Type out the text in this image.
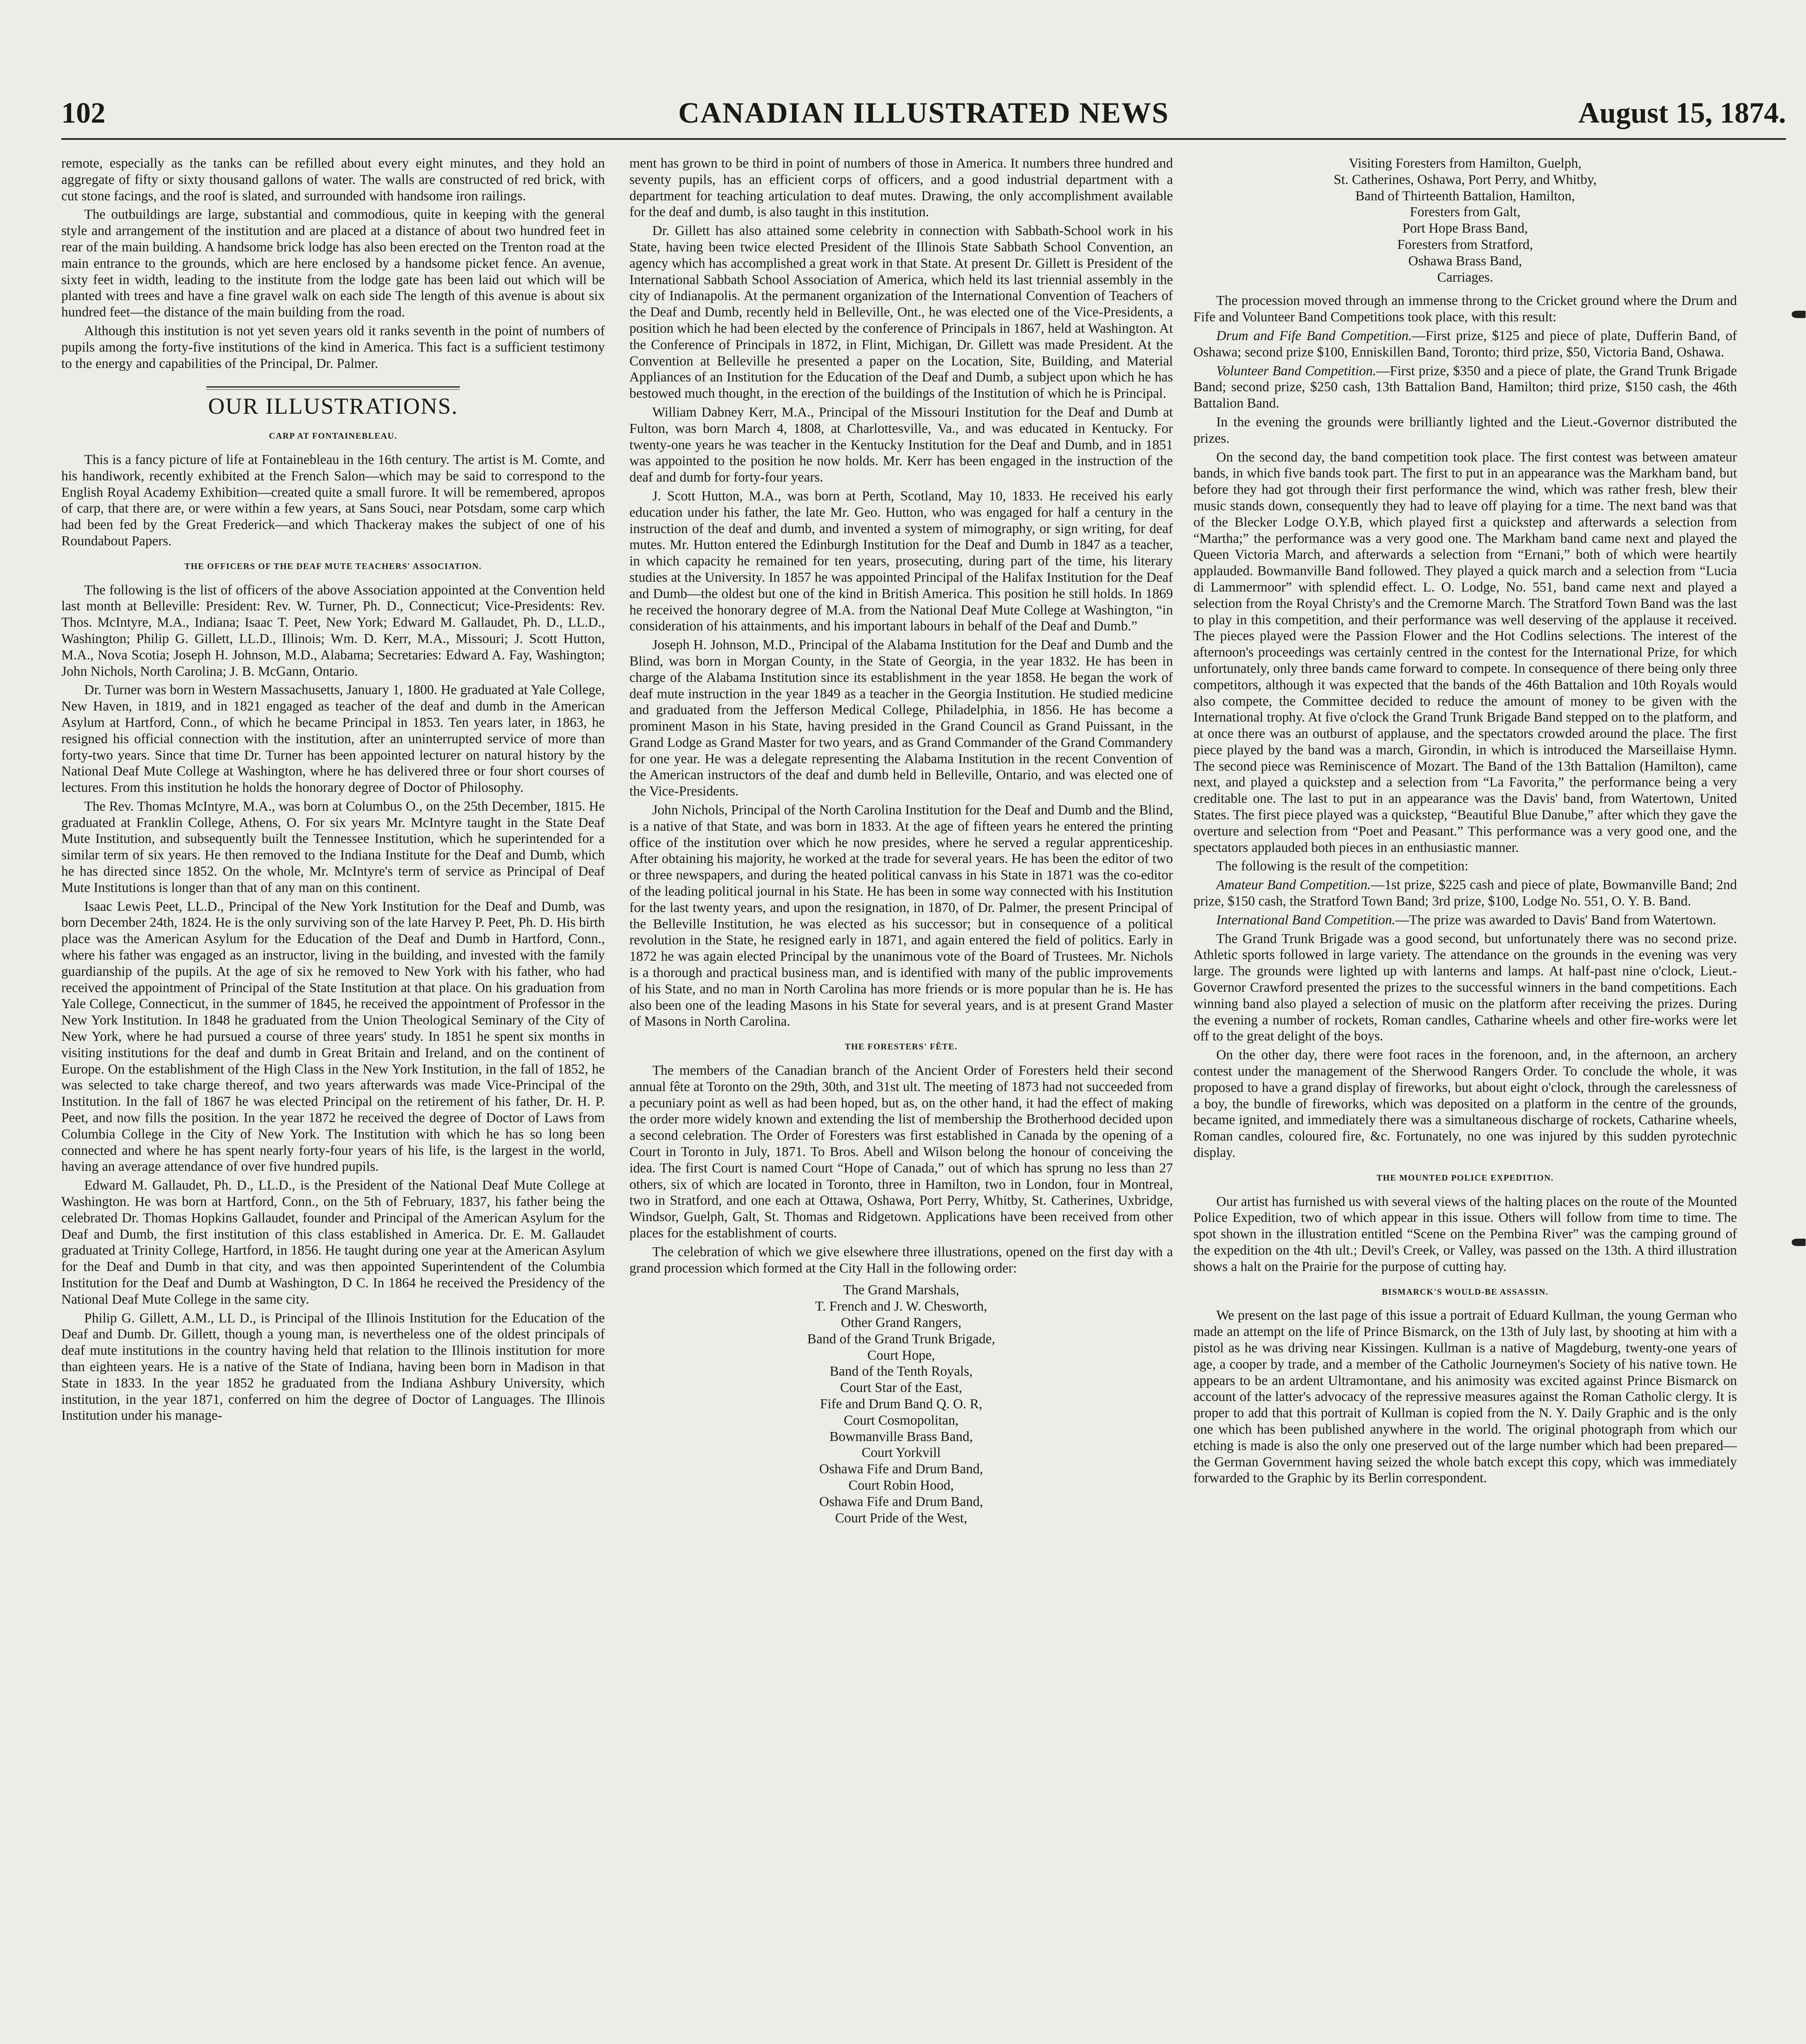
102	CANADIAN ILLUSTRATED NEWS	August 15, 1874.

remote, especially as the tanks can be refilled about every eight minutes, and they hold an aggregate of fifty or sixty thousand gallons of water. The walls are constructed of red brick, with cut stone facings, and the roof is slated, and surrounded with handsome iron railings.

The outbuildings are large, substantial and commodious, quite in keeping with the general style and arrangement of the institution and are placed at a distance of about two hundred feet in rear of the main building. A handsome brick lodge has also been erected on the Trenton road at the main entrance to the grounds, which are here enclosed by a handsome picket fence. An avenue, sixty feet in width, leading to the institute from the lodge gate has been laid out which will be planted with trees and have a fine gravel walk on each side The length of this avenue is about six hundred feet—the distance of the main building from the road.

Although this institution is not yet seven years old it ranks seventh in the point of numbers of pupils among the forty-five institutions of the kind in America. This fact is a sufficient testimony to the energy and capabilities of the Principal, Dr. Palmer.

OUR ILLUSTRATIONS.
CARP AT FONTAINEBLEAU.

This is a fancy picture of life at Fontainebleau in the 16th century. The artist is M. Comte, and his handiwork, recently exhibited at the French Salon—which may be said to correspond to the English Royal Academy Exhibition—created quite a small furore. It will be remembered, apropos of carp, that there are, or were within a few years, at Sans Souci, near Potsdam, some carp which had been fed by the Great Frederick—and which Thackeray makes the subject of one of his Roundabout Papers.

THE OFFICERS OF THE DEAF MUTE TEACHERS' ASSOCIATION.

The following is the list of officers of the above Association appointed at the Convention held last month at Belleville: President: Rev. W. Turner, Ph. D., Connecticut; Vice-Presidents: Rev. Thos. McIntyre, M.A., Indiana; Isaac T. Peet, New York; Edward M. Gallaudet, Ph. D., LL.D., Washington; Philip G. Gillett, LL.D., Illinois; Wm. D. Kerr, M.A., Missouri; J. Scott Hutton, M.A., Nova Scotia; Joseph H. Johnson, M.D., Alabama; Secretaries: Edward A. Fay, Washington; John Nichols, North Carolina; J. B. McGann, Ontario.

Dr. Turner was born in Western Massachusetts, January 1, 1800. He graduated at Yale College, New Haven, in 1819, and in 1821 engaged as teacher of the deaf and dumb in the American Asylum at Hartford, Conn., of which he became Principal in 1853. Ten years later, in 1863, he resigned his official connection with the institution, after an uninterrupted service of more than forty-two years. Since that time Dr. Turner has been appointed lecturer on natural history by the National Deaf Mute College at Washington, where he has delivered three or four short courses of lectures. From this institution he holds the honorary degree of Doctor of Philosophy.

The Rev. Thomas McIntyre, M.A., was born at Columbus O., on the 25th December, 1815. He graduated at Franklin College, Athens, O. For six years Mr. McIntyre taught in the State Deaf Mute Institution, and subsequently built the Tennessee Institution, which he superintended for a similar term of six years. He then removed to the Indiana Institute for the Deaf and Dumb, which he has directed since 1852. On the whole, Mr. McIntyre's term of service as Principal of Deaf Mute Institutions is longer than that of any man on this continent.

Isaac Lewis Peet, LL.D., Principal of the New York Institution for the Deaf and Dumb, was born December 24th, 1824. He is the only surviving son of the late Harvey P. Peet, Ph. D. His birth place was the American Asylum for the Education of the Deaf and Dumb in Hartford, Conn., where his father was engaged as an instructor, living in the building, and invested with the family guardianship of the pupils. At the age of six he removed to New York with his father, who had received the appointment of Principal of the State Institution at that place. On his graduation from Yale College, Connecticut, in the summer of 1845, he received the appointment of Professor in the New York Institution. In 1848 he graduated from the Union Theological Seminary of the City of New York, where he had pursued a course of three years' study. In 1851 he spent six months in visiting institutions for the deaf and dumb in Great Britain and Ireland, and on the continent of Europe. On the establishment of the High Class in the New York Institution, in the fall of 1852, he was selected to take charge thereof, and two years afterwards was made Vice-Principal of the Institution. In the fall of 1867 he was elected Principal on the retirement of his father, Dr. H. P. Peet, and now fills the position. In the year 1872 he received the degree of Doctor of Laws from Columbia College in the City of New York. The Institution with which he has so long been connected and where he has spent nearly forty-four years of his life, is the largest in the world, having an average attendance of over five hundred pupils.

Edward M. Gallaudet, Ph. D., LL.D., is the President of the National Deaf Mute College at Washington. He was born at Hartford, Conn., on the 5th of February, 1837, his father being the celebrated Dr. Thomas Hopkins Gallaudet, founder and Principal of the American Asylum for the Deaf and Dumb, the first institution of this class established in America. Dr. E. M. Gallaudet graduated at Trinity College, Hartford, in 1856. He taught during one year at the American Asylum for the Deaf and Dumb in that city, and was then appointed Superintendent of the Columbia Institution for the Deaf and Dumb at Washington, D C. In 1864 he received the Presidency of the National Deaf Mute College in the same city.

Philip G. Gillett, A.M., LL D., is Principal of the Illinois Institution for the Education of the Deaf and Dumb. Dr. Gillett, though a young man, is nevertheless one of the oldest principals of deaf mute institutions in the country having held that relation to the Illinois institution for more than eighteen years. He is a native of the State of Indiana, having been born in Madison in that State in 1833. In the year 1852 he graduated from the Indiana Ashbury University, which institution, in the year 1871, conferred on him the degree of Doctor of Languages. The Illinois Institution under his manage-

ment has grown to be third in point of numbers of those in America. It numbers three hundred and seventy pupils, has an efficient corps of officers, and a good industrial department with a department for teaching articulation to deaf mutes. Drawing, the only accomplishment available for the deaf and dumb, is also taught in this institution.

Dr. Gillett has also attained some celebrity in connection with Sabbath-School work in his State, having been twice elected President of the Illinois State Sabbath School Convention, an agency which has accomplished a great work in that State. At present Dr. Gillett is President of the International Sabbath School Association of America, which held its last triennial assembly in the city of Indianapolis. At the permanent organization of the International Convention of Teachers of the Deaf and Dumb, recently held in Belleville, Ont., he was elected one of the Vice-Presidents, a position which he had been elected by the conference of Principals in 1867, held at Washington. At the Conference of Principals in 1872, in Flint, Michigan, Dr. Gillett was made President. At the Convention at Belleville he presented a paper on the Location, Site, Building, and Material Appliances of an Institution for the Education of the Deaf and Dumb, a subject upon which he has bestowed much thought, in the erection of the buildings of the Institution of which he is Principal.

William Dabney Kerr, M.A., Principal of the Missouri Institution for the Deaf and Dumb at Fulton, was born March 4, 1808, at Charlottesville, Va., and was educated in Kentucky. For twenty-one years he was teacher in the Kentucky Institution for the Deaf and Dumb, and in 1851 was appointed to the position he now holds. Mr. Kerr has been engaged in the instruction of the deaf and dumb for forty-four years.

J. Scott Hutton, M.A., was born at Perth, Scotland, May 10, 1833. He received his early education under his father, the late Mr. Geo. Hutton, who was engaged for half a century in the instruction of the deaf and dumb, and invented a system of mimography, or sign writing, for deaf mutes. Mr. Hutton entered the Edinburgh Institution for the Deaf and Dumb in 1847 as a teacher, in which capacity he remained for ten years, prosecuting, during part of the time, his literary studies at the University. In 1857 he was appointed Principal of the Halifax Institution for the Deaf and Dumb—the oldest but one of the kind in British America. This position he still holds. In 1869 he received the honorary degree of M.A. from the National Deaf Mute College at Washington, “in consideration of his attainments, and his important labours in behalf of the Deaf and Dumb.”

Joseph H. Johnson, M.D., Principal of the Alabama Institution for the Deaf and Dumb and the Blind, was born in Morgan County, in the State of Georgia, in the year 1832. He has been in charge of the Alabama Institution since its establishment in the year 1858. He began the work of deaf mute instruction in the year 1849 as a teacher in the Georgia Institution. He studied medicine and graduated from the Jefferson Medical College, Philadelphia, in 1856. He has become a prominent Mason in his State, having presided in the Grand Council as Grand Puissant, in the Grand Lodge as Grand Master for two years, and as Grand Commander of the Grand Commandery for one year. He was a delegate representing the Alabama Institution in the recent Convention of the American instructors of the deaf and dumb held in Belleville, Ontario, and was elected one of the Vice-Presidents.

John Nichols, Principal of the North Carolina Institution for the Deaf and Dumb and the Blind, is a native of that State, and was born in 1833. At the age of fifteen years he entered the printing office of the institution over which he now presides, where he served a regular apprenticeship. After obtaining his majority, he worked at the trade for several years. He has been the editor of two or three newspapers, and during the heated political canvass in his State in 1871 was the co-editor of the leading political journal in his State. He has been in some way connected with his Institution for the last twenty years, and upon the resignation, in 1870, of Dr. Palmer, the present Principal of the Belleville Institution, he was elected as his successor; but in consequence of a political revolution in the State, he resigned early in 1871, and again entered the field of politics. Early in 1872 he was again elected Principal by the unanimous vote of the Board of Trustees. Mr. Nichols is a thorough and practical business man, and is identified with many of the public improvements of his State, and no man in North Carolina has more friends or is more popular than he is. He has also been one of the leading Masons in his State for several years, and is at present Grand Master of Masons in North Carolina.

THE FORESTERS' FÊTE.

The members of the Canadian branch of the Ancient Order of Foresters held their second annual fête at Toronto on the 29th, 30th, and 31st ult. The meeting of 1873 had not succeeded from a pecuniary point as well as had been hoped, but as, on the other hand, it had the effect of making the order more widely known and extending the list of membership the Brotherhood decided upon a second celebration. The Order of Foresters was first established in Canada by the opening of a Court in Toronto in July, 1871. To Bros. Abell and Wilson belong the honour of conceiving the idea. The first Court is named Court “Hope of Canada,” out of which has sprung no less than 27 others, six of which are located in Toronto, three in Hamilton, two in London, four in Montreal, two in Stratford, and one each at Ottawa, Oshawa, Port Perry, Whitby, St. Catherines, Uxbridge, Windsor, Guelph, Galt, St. Thomas and Ridgetown. Applications have been received from other places for the establishment of courts.

The celebration of which we give elsewhere three illustrations, opened on the first day with a grand procession which formed at the City Hall in the following order:

The Grand Marshals,
T. French and J. W. Chesworth,
Other Grand Rangers,
Band of the Grand Trunk Brigade,
Court Hope,
Band of the Tenth Royals,
Court Star of the East,
Fife and Drum Band Q. O. R,
Court Cosmopolitan,
Bowmanville Brass Band,
Court Yorkvill
Oshawa Fife and Drum Band,
Court Robin Hood,
Oshawa Fife and Drum Band,
Court Pride of the West,
Visiting Foresters from Hamilton, Guelph,
St. Catherines, Oshawa, Port Perry, and Whitby,
Band of Thirteenth Battalion, Hamilton,
Foresters from Galt,
Port Hope Brass Band,
Foresters from Stratford,
Oshawa Brass Band,
Carriages.

The procession moved through an immense throng to the Cricket ground where the Drum and Fife and Volunteer Band Competitions took place, with this result:

Drum and Fife Band Competition.—First prize, $125 and piece of plate, Dufferin Band, of Oshawa; second prize $100, Enniskillen Band, Toronto; third prize, $50, Victoria Band, Oshawa.

Volunteer Band Competition.—First prize, $350 and a piece of plate, the Grand Trunk Brigade Band; second prize, $250 cash, 13th Battalion Band, Hamilton; third prize, $150 cash, the 46th Battalion Band.

In the evening the grounds were brilliantly lighted and the Lieut.-Governor distributed the prizes.

On the second day, the band competition took place. The first contest was between amateur bands, in which five bands took part. The first to put in an appearance was the Markham band, but before they had got through their first performance the wind, which was rather fresh, blew their music stands down, consequently they had to leave off playing for a time. The next band was that of the Blecker Lodge O.Y.B, which played first a quickstep and afterwards a selection from “Martha;” the performance was a very good one. The Markham band came next and played the Queen Victoria March, and afterwards a selection from “Ernani,” both of which were heartily applauded. Bowmanville Band followed. They played a quick march and a selection from “Lucia di Lammermoor” with splendid effect. L. O. Lodge, No. 551, band came next and played a selection from the Royal Christy's and the Cremorne March. The Stratford Town Band was the last to play in this competition, and their performance was well deserving of the applause it received. The pieces played were the Passion Flower and the Hot Codlins selections. The interest of the afternoon's proceedings was certainly centred in the contest for the International Prize, for which unfortunately, only three bands came forward to compete. In consequence of there being only three competitors, although it was expected that the bands of the 46th Battalion and 10th Royals would also compete, the Committee decided to reduce the amount of money to be given with the International trophy. At five o'clock the Grand Trunk Brigade Band stepped on to the platform, and at once there was an outburst of applause, and the spectators crowded around the place. The first piece played by the band was a march, Girondin, in which is introduced the Marseillaise Hymn. The second piece was Reminiscence of Mozart. The Band of the 13th Battalion (Hamilton), came next, and played a quickstep and a selection from “La Favorita,” the performance being a very creditable one. The last to put in an appearance was the Davis' band, from Watertown, United States. The first piece played was a quickstep, “Beautiful Blue Danube,” after which they gave the overture and selection from “Poet and Peasant.” This performance was a very good one, and the spectators applauded both pieces in an enthusiastic manner.

The following is the result of the competition:

Amateur Band Competition.—1st prize, $225 cash and piece of plate, Bowmanville Band; 2nd prize, $150 cash, the Stratford Town Band; 3rd prize, $100, Lodge No. 551, O. Y. B. Band.

International Band Competition.—The prize was awarded to Davis' Band from Watertown.

The Grand Trunk Brigade was a good second, but unfortunately there was no second prize. Athletic sports followed in large variety. The attendance on the grounds in the evening was very large. The grounds were lighted up with lanterns and lamps. At half-past nine o'clock, Lieut.-Governor Crawford presented the prizes to the successful winners in the band competitions. Each winning band also played a selection of music on the platform after receiving the prizes. During the evening a number of rockets, Roman candles, Catharine wheels and other fire-works were let off to the great delight of the boys.

On the other day, there were foot races in the forenoon, and, in the afternoon, an archery contest under the management of the Sherwood Rangers Order. To conclude the whole, it was proposed to have a grand display of fireworks, but about eight o'clock, through the carelessness of a boy, the bundle of fireworks, which was deposited on a platform in the centre of the grounds, became ignited, and immediately there was a simultaneous discharge of rockets, Catharine wheels, Roman candles, coloured fire, &c. Fortunately, no one was injured by this sudden pyrotechnic display.

THE MOUNTED POLICE EXPEDITION.

Our artist has furnished us with several views of the halting places on the route of the Mounted Police Expedition, two of which appear in this issue. Others will follow from time to time. The spot shown in the illustration entitled “Scene on the Pembina River” was the camping ground of the expedition on the 4th ult.; Devil's Creek, or Valley, was passed on the 13th. A third illustration shows a halt on the Prairie for the purpose of cutting hay.

BISMARCK'S WOULD-BE ASSASSIN.

We present on the last page of this issue a portrait of Eduard Kullman, the young German who made an attempt on the life of Prince Bismarck, on the 13th of July last, by shooting at him with a pistol as he was driving near Kissingen. Kullman is a native of Magdeburg, twenty-one years of age, a cooper by trade, and a member of the Catholic Journeymen's Society of his native town. He appears to be an ardent Ultramontane, and his animosity was excited against Prince Bismarck on account of the latter's advocacy of the repressive measures against the Roman Catholic clergy. It is proper to add that this portrait of Kullman is copied from the N. Y. Daily Graphic and is the only one which has been published anywhere in the world. The original photograph from which our etching is made is also the only one preserved out of the large number which had been prepared—the German Government having seized the whole batch except this copy, which was immediately forwarded to the Graphic by its Berlin correspondent.
